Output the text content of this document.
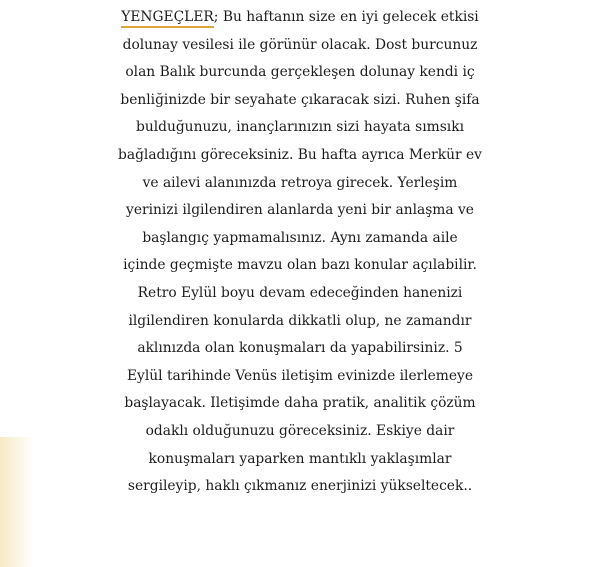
YENGEÇLER; Bu haftanın size en iyi gelecek etkisi
dolunay vesilesi ile görünür olacak. Dost burcunuz
olan Balık burcunda gerçekleşen dolunay kendi iç
benliğinizde bir seyahate çıkaracak sizi. Ruhen şifa
bulduğunuzu, inançlarınızın sizi hayata sımsıkı
bağladığını göreceksiniz. Bu hafta ayrıca Merkür ev
ve ailevi alanınızda retroya girecek. Yerleşim
yerinizi ilgilendiren alanlarda yeni bir anlaşma ve
başlangıç yapmamalısınız. Aynı zamanda aile
içinde geçmişte mavzu olan bazı konular açılabilir.
Retro Eylül boyu devam edeceğinden hanenizi
ilgilendiren konularda dikkatli olup, ne zamandır
aklınızda olan konuşmaları da yapabilirsiniz. 5
Eylül tarihinde Venüs iletişim evinizde ilerlemeye
başlayacak. Iletişimde daha pratik, analitik çözüm
odaklı olduğunuzu göreceksiniz. Eskiye dair
konuşmaları yaparken mantıklı yaklaşımlar
sergileyip, haklı çıkmanız enerjinizi yükseltecek..
